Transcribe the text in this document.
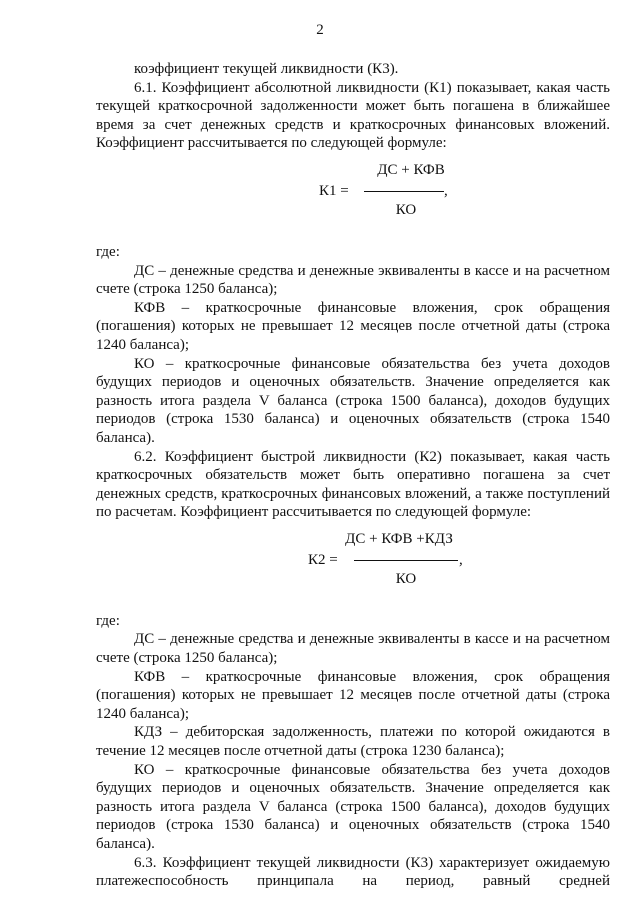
2

коэффициент текущей ликвидности (К3).

6.1. Коэффициент абсолютной ликвидности (К1) показывает, какая часть текущей краткосрочной задолженности может быть погашена в ближайшее время за счет денежных средств и краткосрочных финансовых вложений. Коэффициент рассчитывается по следующей формуле:

К1 =
ДС + КФВ
,
КО

где:

ДС – денежные средства и денежные эквиваленты в кассе и на расчетном счете (строка 1250 баланса);

КФВ – краткосрочные финансовые вложения, срок обращения (погашения) которых не превышает 12 месяцев после отчетной даты (строка 1240 баланса);

КО – краткосрочные финансовые обязательства без учета доходов будущих периодов и оценочных обязательств. Значение определяется как разность итога раздела V баланса (строка 1500 баланса), доходов будущих периодов (строка 1530 баланса) и оценочных обязательств (строка 1540 баланса).

6.2. Коэффициент быстрой ликвидности (К2) показывает, какая часть краткосрочных обязательств может быть оперативно погашена за счет денежных средств, краткосрочных финансовых вложений, а также поступлений по расчетам. Коэффициент рассчитывается по следующей формуле:

К2 =
ДС + КФВ +КДЗ
,
КО

где:

ДС – денежные средства и денежные эквиваленты в кассе и на расчетном счете (строка 1250 баланса);

КФВ – краткосрочные финансовые вложения, срок обращения (погашения) которых не превышает 12 месяцев после отчетной даты (строка 1240 баланса);

КДЗ – дебиторская задолженность, платежи по которой ожидаются в течение 12 месяцев после отчетной даты (строка 1230 баланса);

КО – краткосрочные финансовые обязательства без учета доходов будущих периодов и оценочных обязательств. Значение определяется как разность итога раздела V баланса (строка 1500 баланса), доходов будущих периодов (строка 1530 баланса) и оценочных обязательств (строка 1540 баланса).

6.3. Коэффициент текущей ликвидности (К3) характеризует ожидаемую платежеспособность принципала на период, равный средней
